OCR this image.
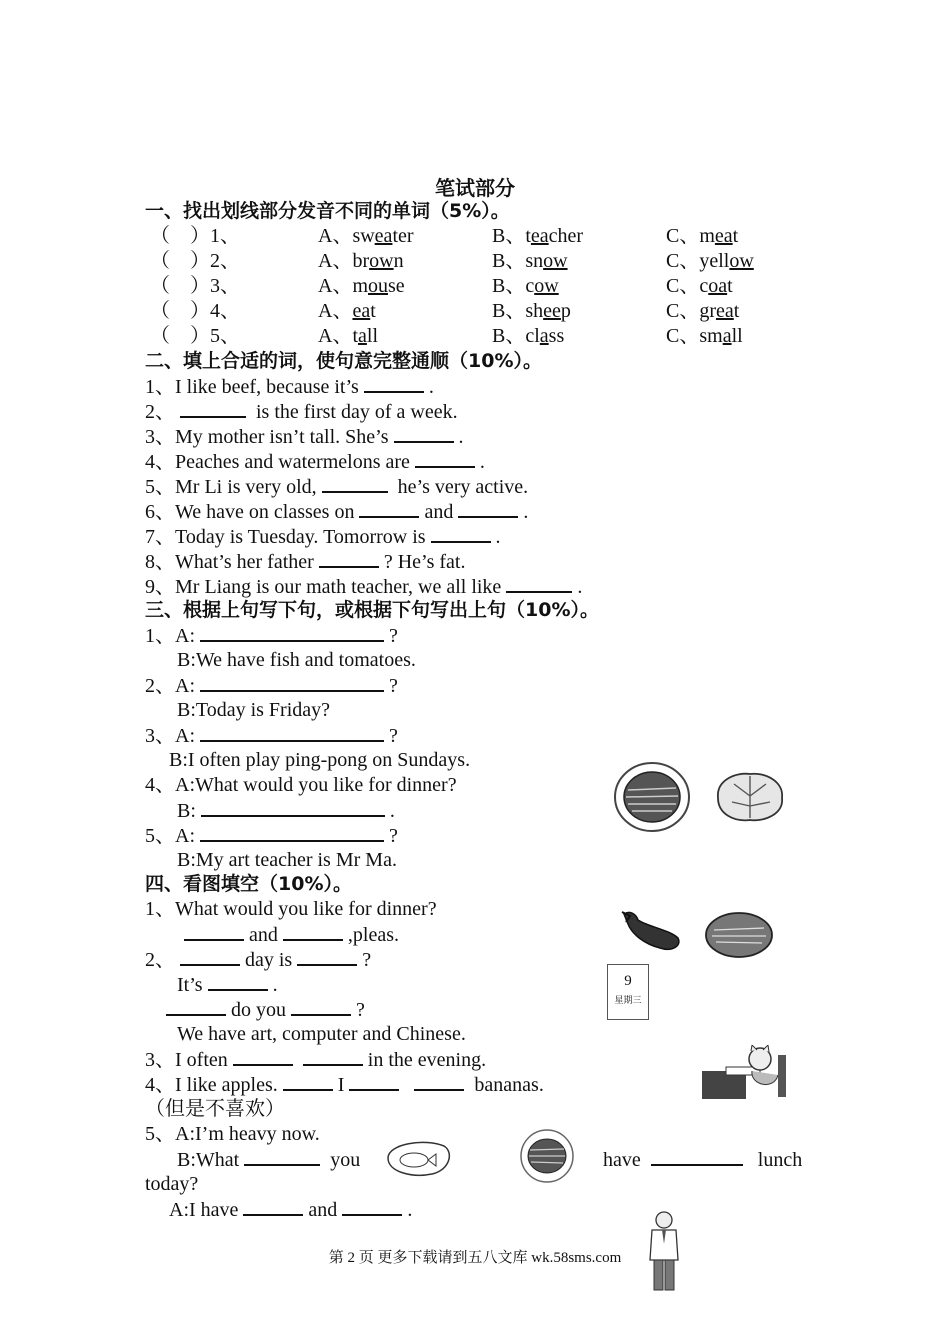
笔试部分
一、找出划线部分发音不同的单词（5%）。
（　）1、	A、sweater	B、teacher	C、meat
（　）2、	A、brown	B、snow	C、yellow
（　）3、	A、mouse	B、cow	C、coat
（　）4、	A、eat	B、sheep	C、great
（　）5、	A、tall	B、class	C、small
二、填上合适的词，使句意完整通顺（10%）。
1、I like beef, because it’s	.
2、	is the first day of a week.
3、My mother isn’t tall. She’s	.
4、Peaches and watermelons are	.
5、Mr Li is very old,	he’s very active.
6、We have on classes on	and	.
7、Today is Tuesday. Tomorrow is	.
8、What’s her father	? He’s fat.
9、Mr Liang is our math teacher, we all like	.
三、根据上句写下句，或根据下句写出上句（10%）。
1、A:	?
B:We have fish and tomatoes.
2、A:	?
B:Today is Friday?
3、A:	?
B:I often play ping-pong on Sundays.
4、A:What would you like for dinner?
B:	.
5、A:	?
B:My art teacher is Mr Ma.
四、看图填空（10%）。
1、What would you like for dinner?
and	,pleas.
2、	day is	?
It’s	.
do you	?
We have art, computer and Chinese.
3、I often	in the evening.
4、I like apples.	I	bananas.
（但是不喜欢）
5、A:I’m heavy now.
B:What	you	have	lunch
today?
A:I have	and	.
9
星期三
第 2 页 更多下载请到五八文库 wk.58sms.com
